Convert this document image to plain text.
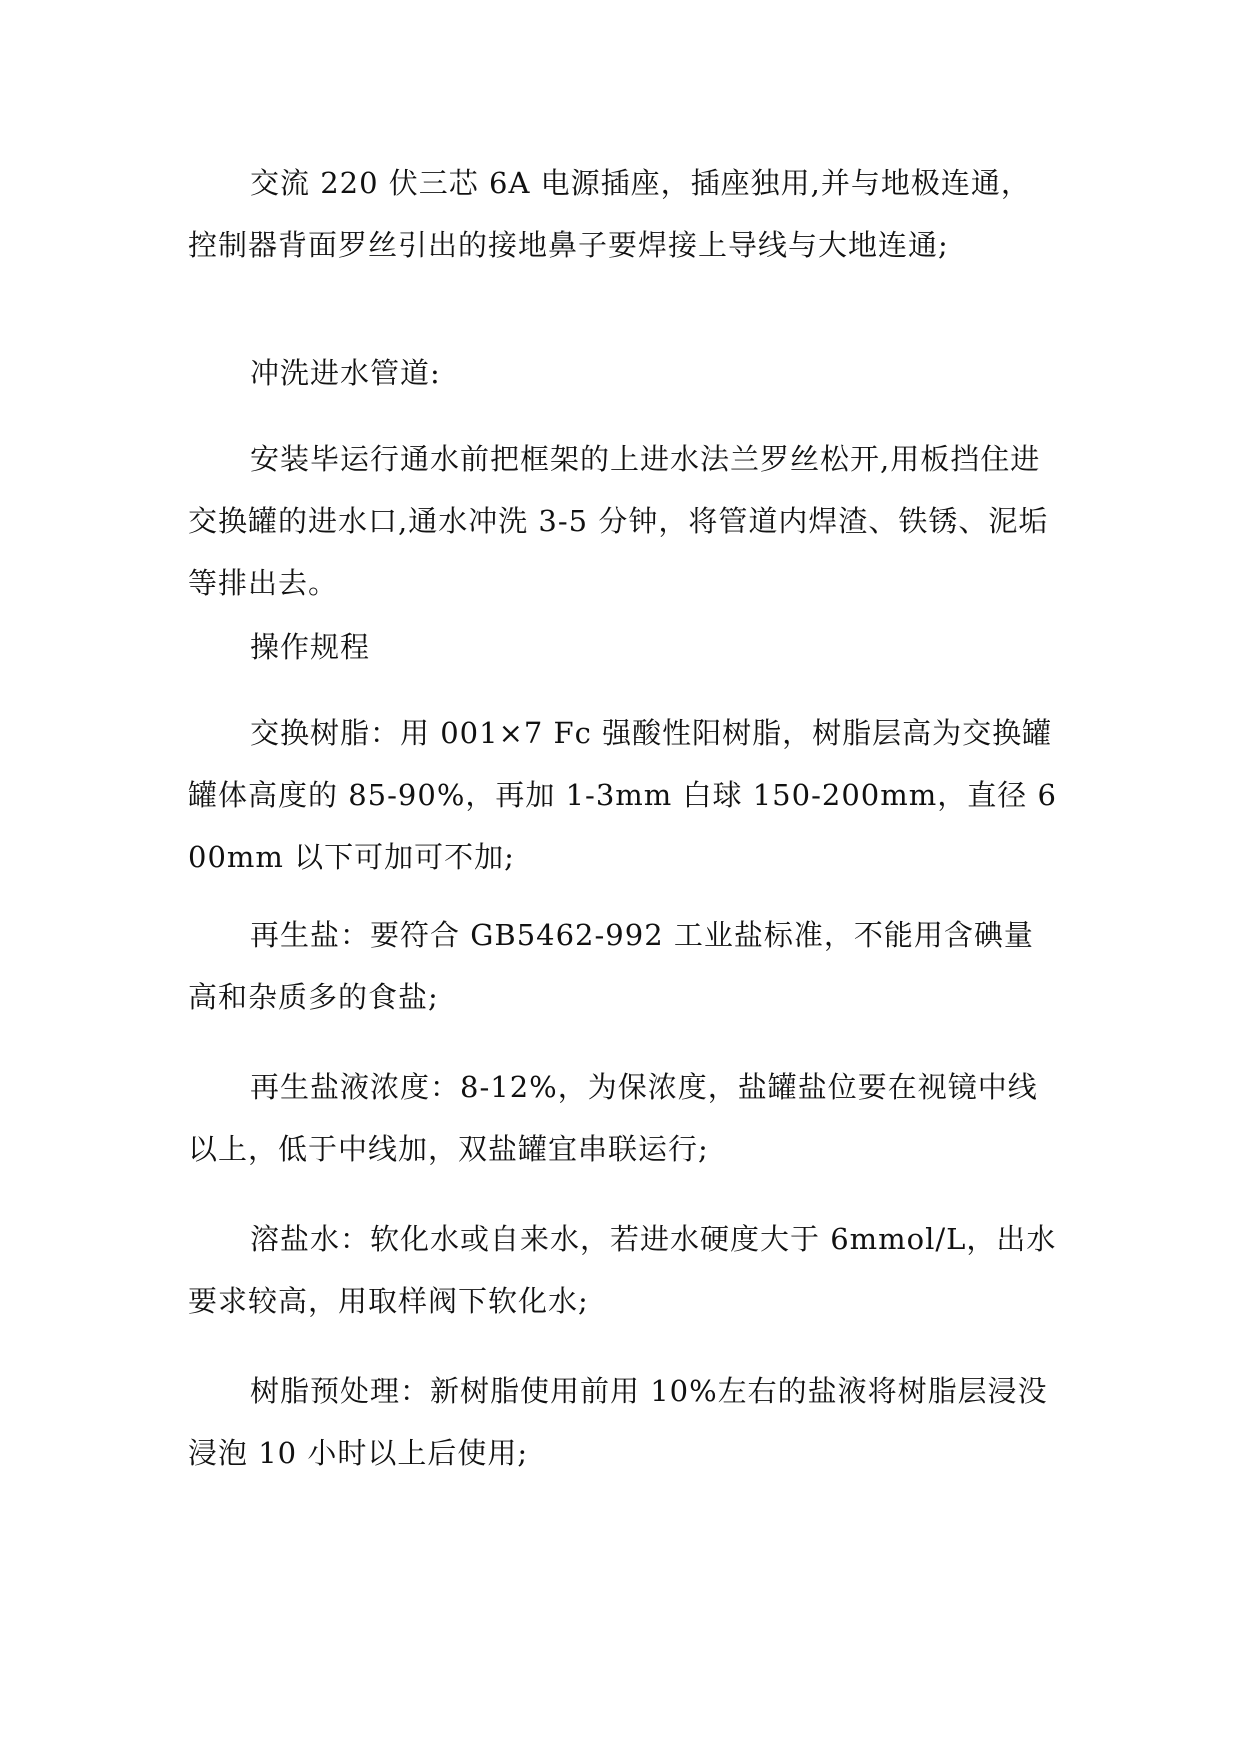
交流 220 伏三芯 6A 电源插座，插座独用,并与地极连通，控制器背面罗丝引出的接地鼻子要焊接上导线与大地连通;

冲洗进水管道:

安装毕运行通水前把框架的上进水法兰罗丝松开,用板挡住进交换罐的进水口,通水冲洗 3-5 分钟，将管道内焊渣、铁锈、泥垢等排出去。

操作规程

交换树脂：用 001×7 Fc 强酸性阳树脂，树脂层高为交换罐罐体高度的 85-90%，再加 1-3mm 白球 150-200mm，直径 600mm 以下可加可不加;

再生盐：要符合 GB5462-992 工业盐标准，不能用含碘量高和杂质多的食盐;

再生盐液浓度：8-12%，为保浓度，盐罐盐位要在视镜中线以上，低于中线加，双盐罐宜串联运行;

溶盐水：软化水或自来水，若进水硬度大于 6mmol/L，出水要求较高，用取样阀下软化水;

树脂预处理：新树脂使用前用 10%左右的盐液将树脂层浸没浸泡 10 小时以上后使用;
